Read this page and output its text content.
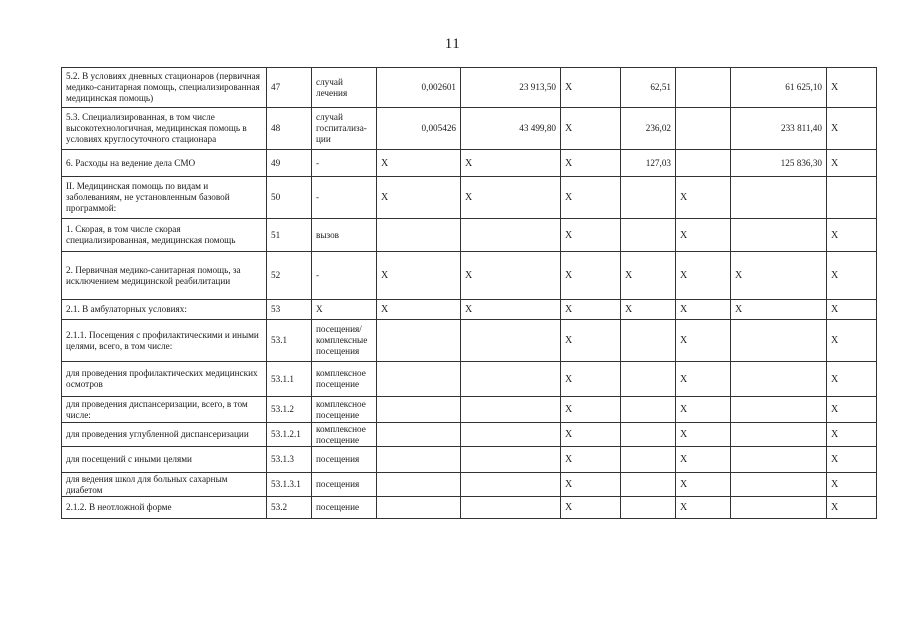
11
5.2. В условиях дневных стационаров (первичная медико-санитарная помощь, специализированная медицинская помощь)	47	случай лечения	0,002601	23 913,50	X	62,51		61 625,10	X
5.3. Специализированная, в том числе высокотехнологичная, медицинская помощь в условиях круглосуточного стационара	48	случай госпитализа-ции	0,005426	43 499,80	X	236,02		233 811,40	X
6. Расходы на ведение дела СМО	49	-	X	X	X	127,03		125 836,30	X
II. Медицинская помощь по видам и заболеваниям, не установленным базовой программой:	50	-	X	X	X		X		
1. Скорая, в том числе скорая специализированная, медицинская помощь	51	вызов			X		X		X
2. Первичная медико-санитарная помощь, за исключением медицинской реабилитации	52	-	X	X	X	X	X	X	X
2.1. В амбулаторных условиях:	53	X	X	X	X	X	X	X	X
2.1.1. Посещения с профилактическими и иными целями, всего, в том числе:	53.1	посещения/ комплексные посещения			X		X		X
для проведения профилактических медицинских осмотров	53.1.1	комплексное посещение			X		X		X
для проведения диспансеризации, всего, в том числе:	53.1.2	комплексное посещение			X		X		X
для проведения углубленной диспансеризации	53.1.2.1	комплексное посещение			X		X		X
для посещений с иными целями	53.1.3	посещения			X		X		X
для ведения школ для больных сахарным диабетом	53.1.3.1	посещения			X		X		X
2.1.2. В неотложной форме	53.2	посещение			X		X		X
